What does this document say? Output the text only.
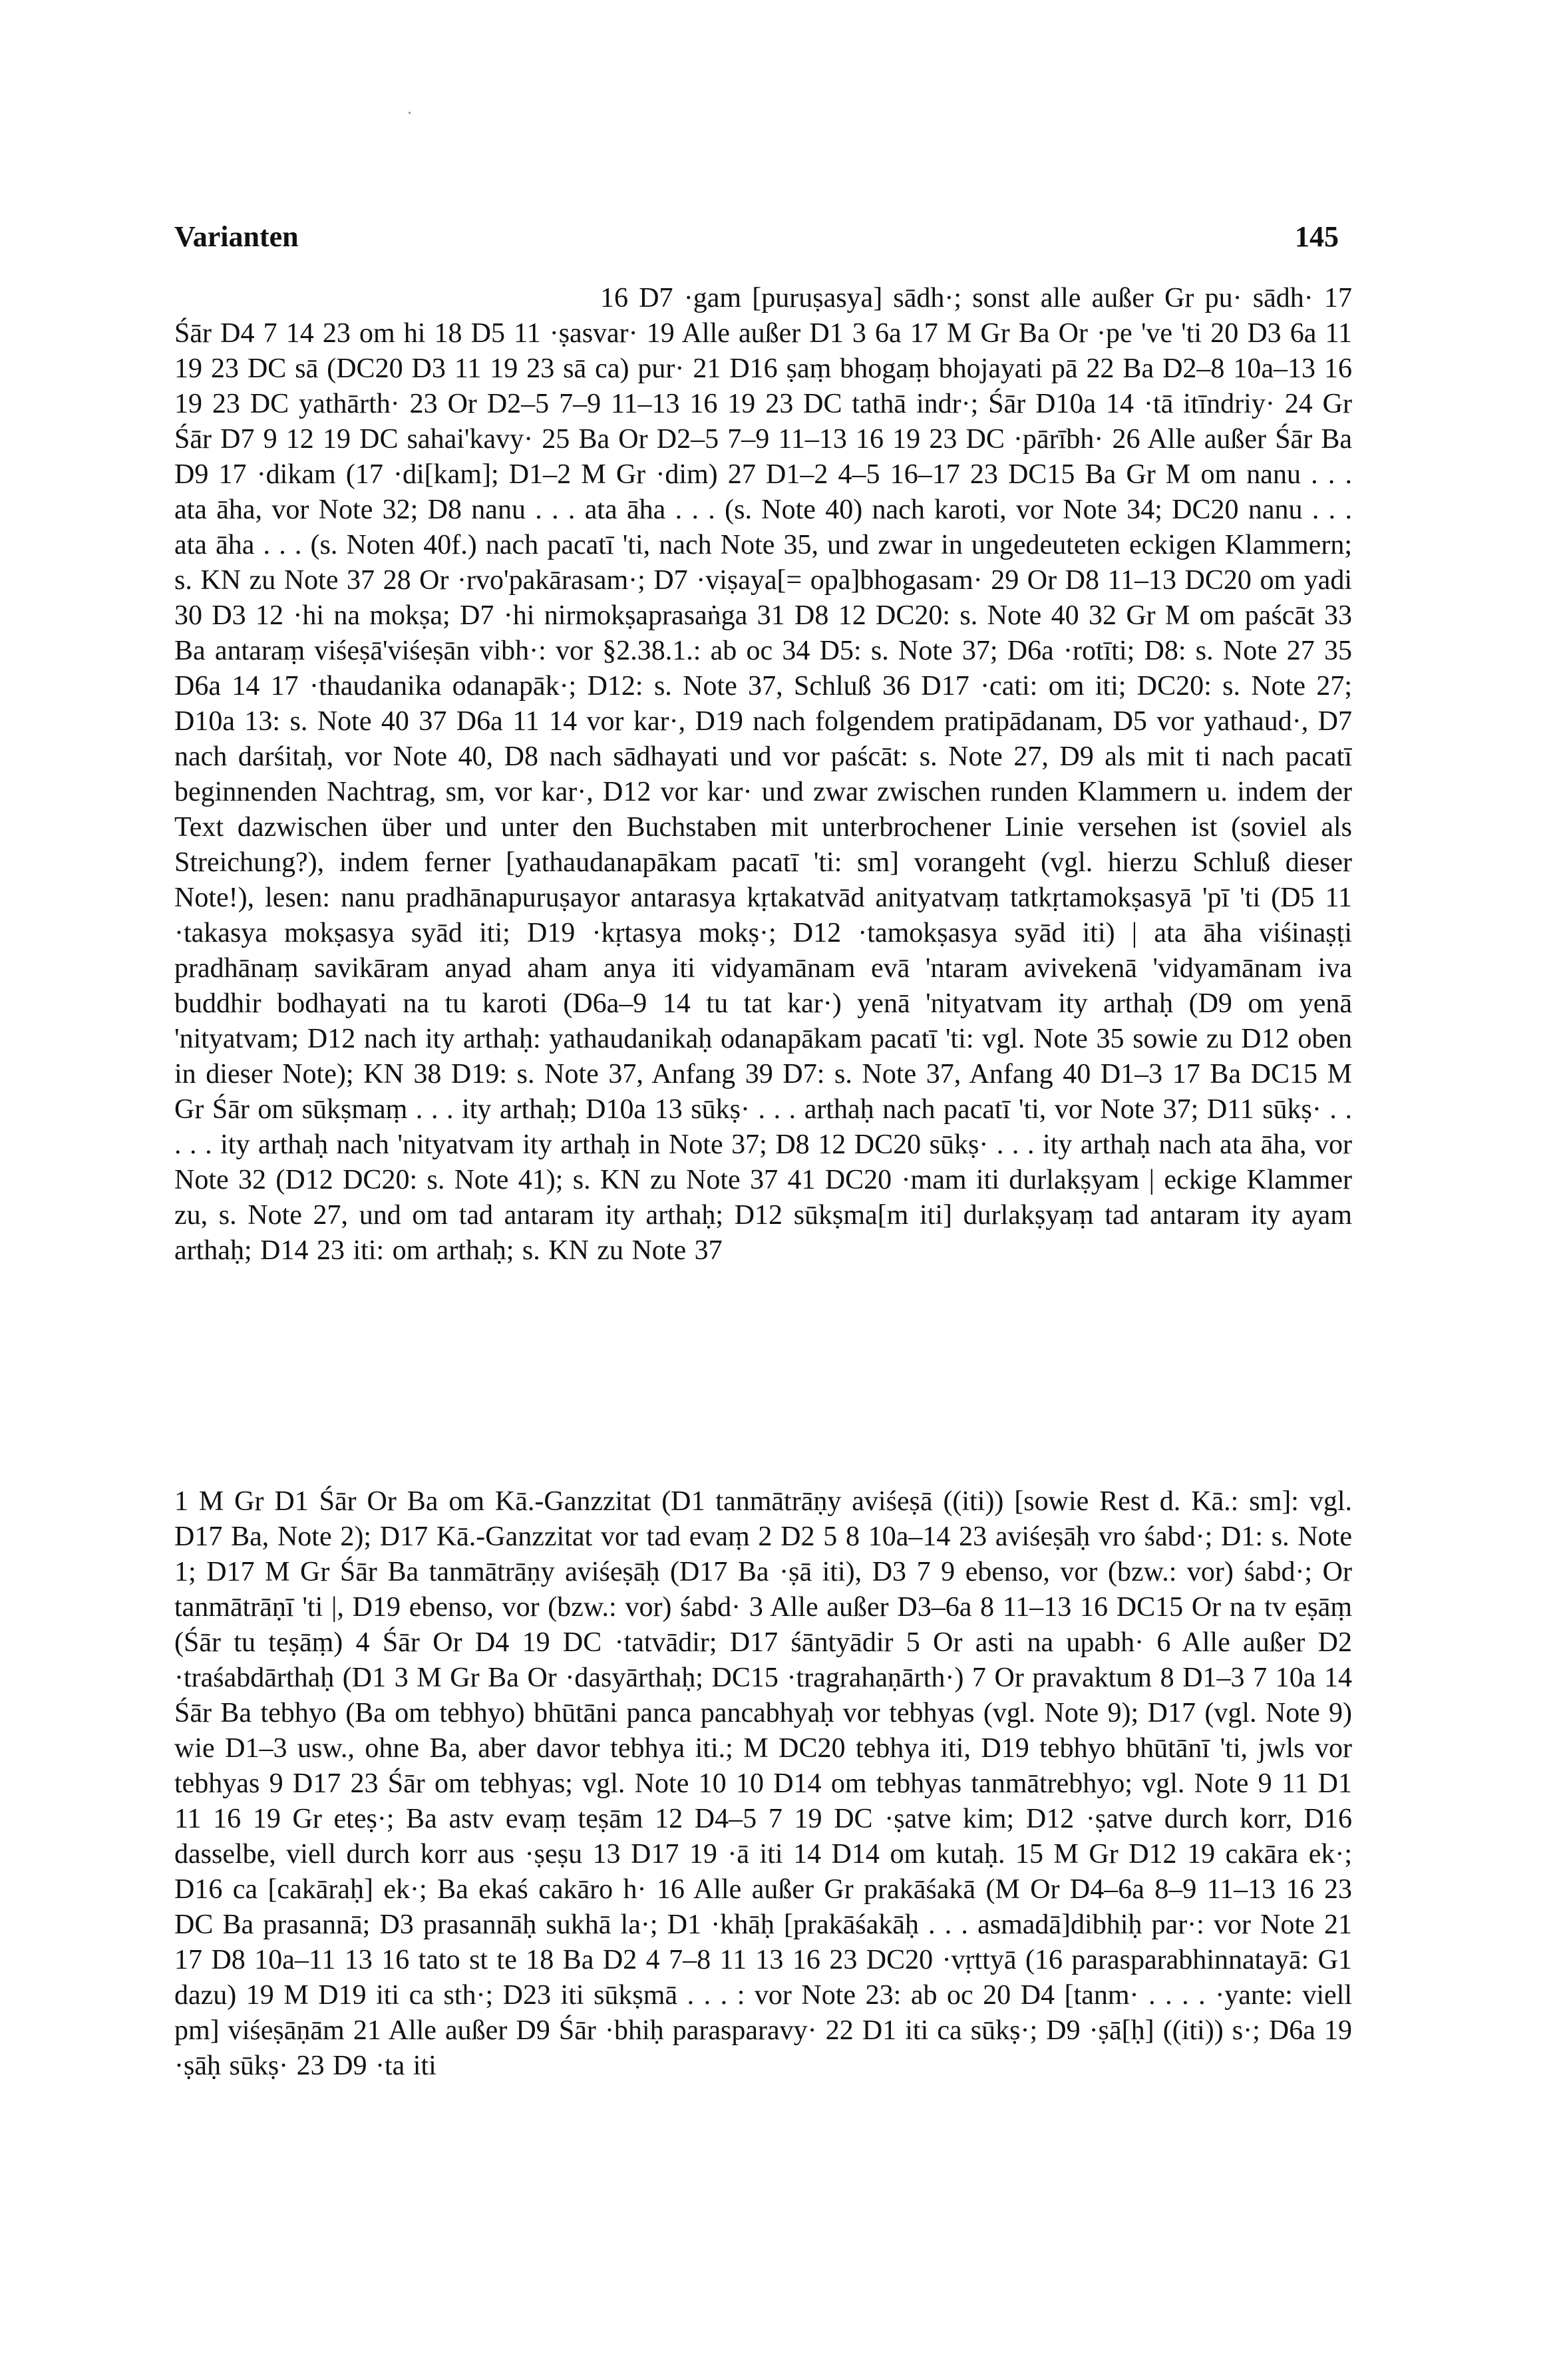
Varianten	145
16 D7 ·gam [puruṣasya] sādh·; sonst alle außer Gr pu· sādh· 17 Śār D4 7 14 23 om hi 18 D5 11 ·ṣasvar· 19 Alle außer D1 3 6a 17 M Gr Ba Or ·pe 've 'ti 20 D3 6a 11 19 23 DC sā (DC20 D3 11 19 23 sā ca) pur· 21 D16 ṣaṃ bhogaṃ bhojayati pā 22 Ba D2–8 10a–13 16 19 23 DC yathārth· 23 Or D2–5 7–9 11–13 16 19 23 DC tathā indr·; Śār D10a 14 ·tā itīndriy· 24 Gr Śār D7 9 12 19 DC sahai'kavy· 25 Ba Or D2–5 7–9 11–13 16 19 23 DC ·pārībh· 26 Alle außer Śār Ba D9 17 ·dikam (17 ·di[kam]; D1–2 M Gr ·dim) 27 D1–2 4–5 16–17 23 DC15 Ba Gr M om nanu . . . ata āha, vor Note 32; D8 nanu . . . ata āha . . . (s. Note 40) nach karoti, vor Note 34; DC20 nanu . . . ata āha . . . (s. Noten 40f.) nach pacatī 'ti, nach Note 35, und zwar in ungedeuteten eckigen Klammern; s. KN zu Note 37 28 Or ·rvo'pakārasam·; D7 ·viṣaya[= opa]bhogasam· 29 Or D8 11–13 DC20 om yadi 30 D3 12 ·hi na mokṣa; D7 ·hi nirmokṣaprasaṅga 31 D8 12 DC20: s. Note 40 32 Gr M om paścāt 33 Ba antaraṃ viśeṣā'viśeṣān vibh·: vor §2.38.1.: ab oc 34 D5: s. Note 37; D6a ·rotīti; D8: s. Note 27 35 D6a 14 17 ·thaudanika odanapāk·; D12: s. Note 37, Schluß 36 D17 ·cati: om iti; DC20: s. Note 27; D10a 13: s. Note 40 37 D6a 11 14 vor kar·, D19 nach folgendem pratipādanam, D5 vor yathaud·, D7 nach darśitaḥ, vor Note 40, D8 nach sādhayati und vor paścāt: s. Note 27, D9 als mit ti nach pacatī beginnenden Nachtrag, sm, vor kar·, D12 vor kar· und zwar zwischen runden Klammern u. indem der Text dazwischen über und unter den Buchstaben mit unterbrochener Linie versehen ist (soviel als Streichung?), indem ferner [yathaudanapākam pacatī 'ti: sm] vorangeht (vgl. hierzu Schluß dieser Note!), lesen: nanu pradhānapuruṣayor antarasya kṛtakatvād anityatvaṃ tatkṛtamokṣasyā 'pī 'ti (D5 11 ·takasya mokṣasya syād iti; D19 ·kṛtasya mokṣ·; D12 ·tamokṣasya syād iti) | ata āha viśinaṣṭi pradhānaṃ savikāram anyad aham anya iti vidyamānam evā 'ntaram avivekenā 'vidyamānam iva buddhir bodhayati na tu karoti (D6a–9 14 tu tat kar·) yenā 'nityatvam ity arthaḥ (D9 om yenā 'nityatvam; D12 nach ity arthaḥ: yathaudanikaḥ odanapākam pacatī 'ti: vgl. Note 35 sowie zu D12 oben in dieser Note); KN 38 D19: s. Note 37, Anfang 39 D7: s. Note 37, Anfang 40 D1–3 17 Ba DC15 M Gr Śār om sūkṣmaṃ . . . ity arthaḥ; D10a 13 sūkṣ· . . . arthaḥ nach pacatī 'ti, vor Note 37; D11 sūkṣ· . . . . . ity arthaḥ nach 'nityatvam ity arthaḥ in Note 37; D8 12 DC20 sūkṣ· . . . ity arthaḥ nach ata āha, vor Note 32 (D12 DC20: s. Note 41); s. KN zu Note 37 41 DC20 ·mam iti durlakṣyam | eckige Klammer zu, s. Note 27, und om tad antaram ity arthaḥ; D12 sūkṣma[m iti] durlakṣyaṃ tad antaram ity ayam arthaḥ; D14 23 iti: om arthaḥ; s. KN zu Note 37
1 M Gr D1 Śār Or Ba om Kā.-Ganzzitat (D1 tanmātrāṇy aviśeṣā ((iti)) [sowie Rest d. Kā.: sm]: vgl. D17 Ba, Note 2); D17 Kā.-Ganzzitat vor tad evaṃ 2 D2 5 8 10a–14 23 aviśeṣāḥ vro śabd·; D1: s. Note 1; D17 M Gr Śār Ba tanmātrāṇy aviśeṣāḥ (D17 Ba ·ṣā iti), D3 7 9 ebenso, vor (bzw.: vor) śabd·; Or tanmātrāṇī 'ti |, D19 ebenso, vor (bzw.: vor) śabd· 3 Alle außer D3–6a 8 11–13 16 DC15 Or na tv eṣāṃ (Śār tu teṣāṃ) 4 Śār Or D4 19 DC ·tatvādir; D17 śāntyādir 5 Or asti na upabh· 6 Alle außer D2 ·traśabdārthaḥ (D1 3 M Gr Ba Or ·dasyārthaḥ; DC15 ·tragrahaṇārth·) 7 Or pravaktum 8 D1–3 7 10a 14 Śār Ba tebhyo (Ba om tebhyo) bhūtāni panca pancabhyaḥ vor tebhyas (vgl. Note 9); D17 (vgl. Note 9) wie D1–3 usw., ohne Ba, aber davor tebhya iti.; M DC20 tebhya iti, D19 tebhyo bhūtānī 'ti, jwls vor tebhyas 9 D17 23 Śār om tebhyas; vgl. Note 10 10 D14 om tebhyas tanmātrebhyo; vgl. Note 9 11 D1 11 16 19 Gr eteṣ·; Ba astv evaṃ teṣām 12 D4–5 7 19 DC ·ṣatve kim; D12 ·ṣatve durch korr, D16 dasselbe, viell durch korr aus ·ṣeṣu 13 D17 19 ·ā iti 14 D14 om kutaḥ. 15 M Gr D12 19 cakāra ek·; D16 ca [cakāraḥ] ek·; Ba ekaś cakāro h· 16 Alle außer Gr prakāśakā (M Or D4–6a 8–9 11–13 16 23 DC Ba prasannā; D3 prasannāḥ sukhā la·; D1 ·khāḥ [prakāśakāḥ . . . asmadā]dibhiḥ par·: vor Note 21 17 D8 10a–11 13 16 tato st te 18 Ba D2 4 7–8 11 13 16 23 DC20 ·vṛttyā (16 parasparabhinnatayā: G1 dazu) 19 M D19 iti ca sth·; D23 iti sūkṣmā . . . : vor Note 23: ab oc 20 D4 [tanm· . . . . ·yante: viell pm] viśeṣāṇām 21 Alle außer D9 Śār ·bhiḥ parasparavy· 22 D1 iti ca sūkṣ·; D9 ·ṣā[ḥ] ((iti)) s·; D6a 19 ·ṣāḥ sūkṣ· 23 D9 ·ta iti
